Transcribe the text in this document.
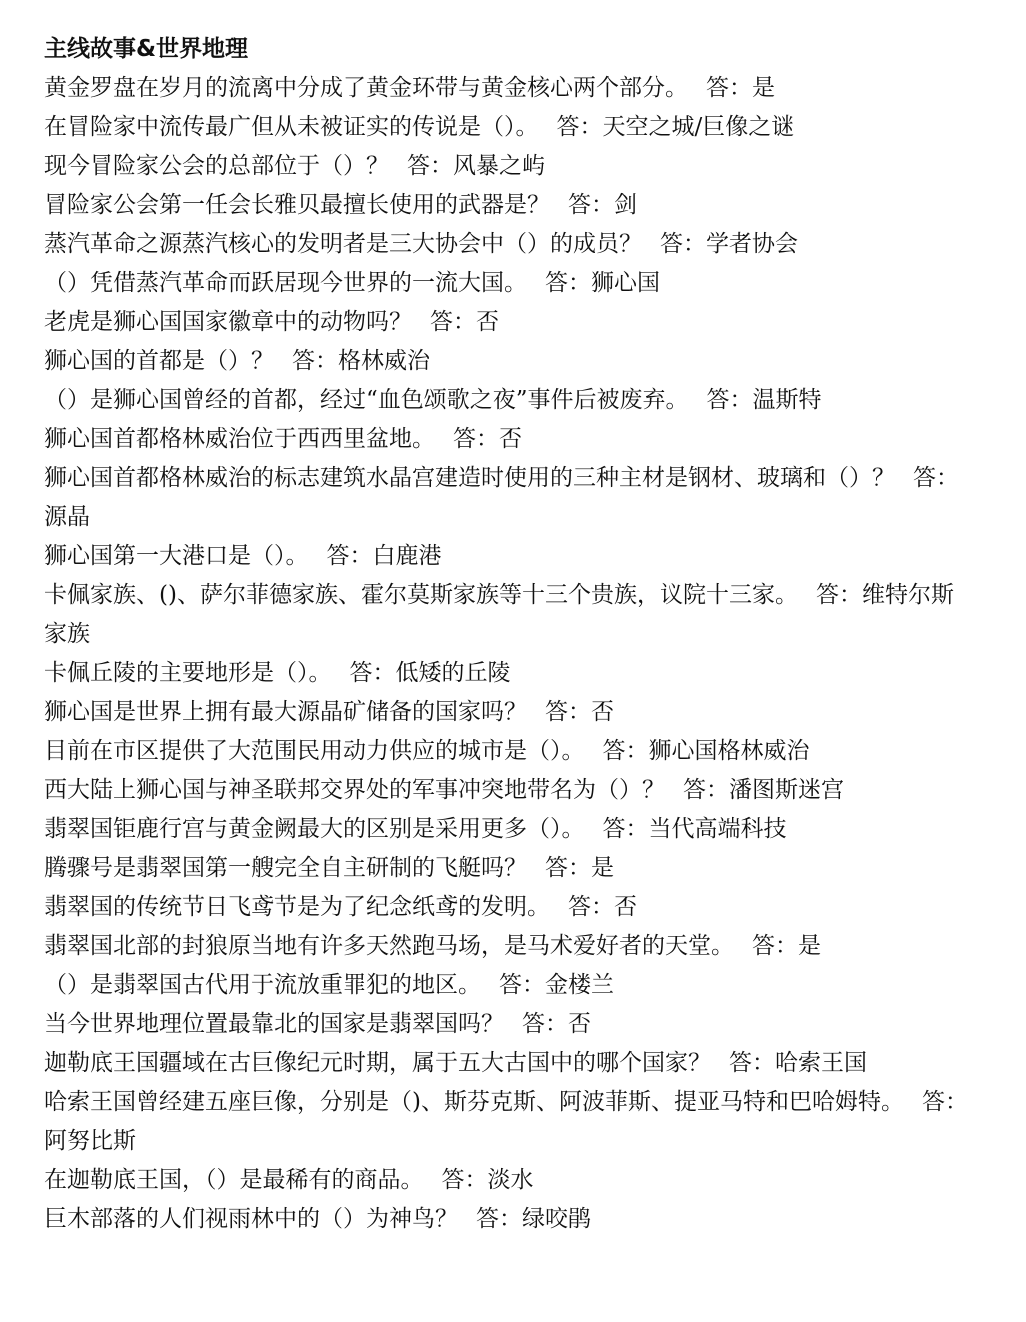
主线故事&世界地理
黄金罗盘在岁月的流离中分成了黄金环带与黄金核心两个部分。 答：是
在冒险家中流传最广但从未被证实的传说是（）。 答：天空之城/巨像之谜
现今冒险家公会的总部位于（）？ 答：风暴之屿
冒险家公会第一任会长雅贝最擅长使用的武器是？ 答：剑
蒸汽革命之源蒸汽核心的发明者是三大协会中（）的成员？ 答：学者协会
（）凭借蒸汽革命而跃居现今世界的一流大国。 答：狮心国
老虎是狮心国国家徽章中的动物吗？ 答：否
狮心国的首都是（）？ 答：格林威治
（）是狮心国曾经的首都，经过“血色颂歌之夜”事件后被废弃。 答：温斯特
狮心国首都格林威治位于西西里盆地。 答：否
狮心国首都格林威治的标志建筑水晶宫建造时使用的三种主材是钢材、玻璃和（）？ 答：源晶
狮心国第一大港口是（）。 答：白鹿港
卡佩家族、()、萨尔菲德家族、霍尔莫斯家族等十三个贵族，议院十三家。 答：维特尔斯家族
卡佩丘陵的主要地形是（）。 答：低矮的丘陵
狮心国是世界上拥有最大源晶矿储备的国家吗？ 答：否
目前在市区提供了大范围民用动力供应的城市是（）。 答：狮心国格林威治
西大陆上狮心国与神圣联邦交界处的军事冲突地带名为（）？ 答：潘图斯迷宫
翡翠国钜鹿行宫与黄金阙最大的区别是采用更多（）。 答：当代高端科技
腾骤号是翡翠国第一艘完全自主研制的飞艇吗？ 答：是
翡翠国的传统节日飞鸢节是为了纪念纸鸢的发明。 答：否
翡翠国北部的封狼原当地有许多天然跑马场，是马术爱好者的天堂。 答：是
（）是翡翠国古代用于流放重罪犯的地区。 答：金楼兰
当今世界地理位置最靠北的国家是翡翠国吗？ 答：否
迦勒底王国疆域在古巨像纪元时期，属于五大古国中的哪个国家？ 答：哈索王国
哈索王国曾经建五座巨像，分别是（)、斯芬克斯、阿波菲斯、提亚马特和巴哈姆特。 答：阿努比斯
在迦勒底王国，（）是最稀有的商品。 答：淡水
巨木部落的人们视雨林中的（）为神鸟？ 答：绿咬鹃
